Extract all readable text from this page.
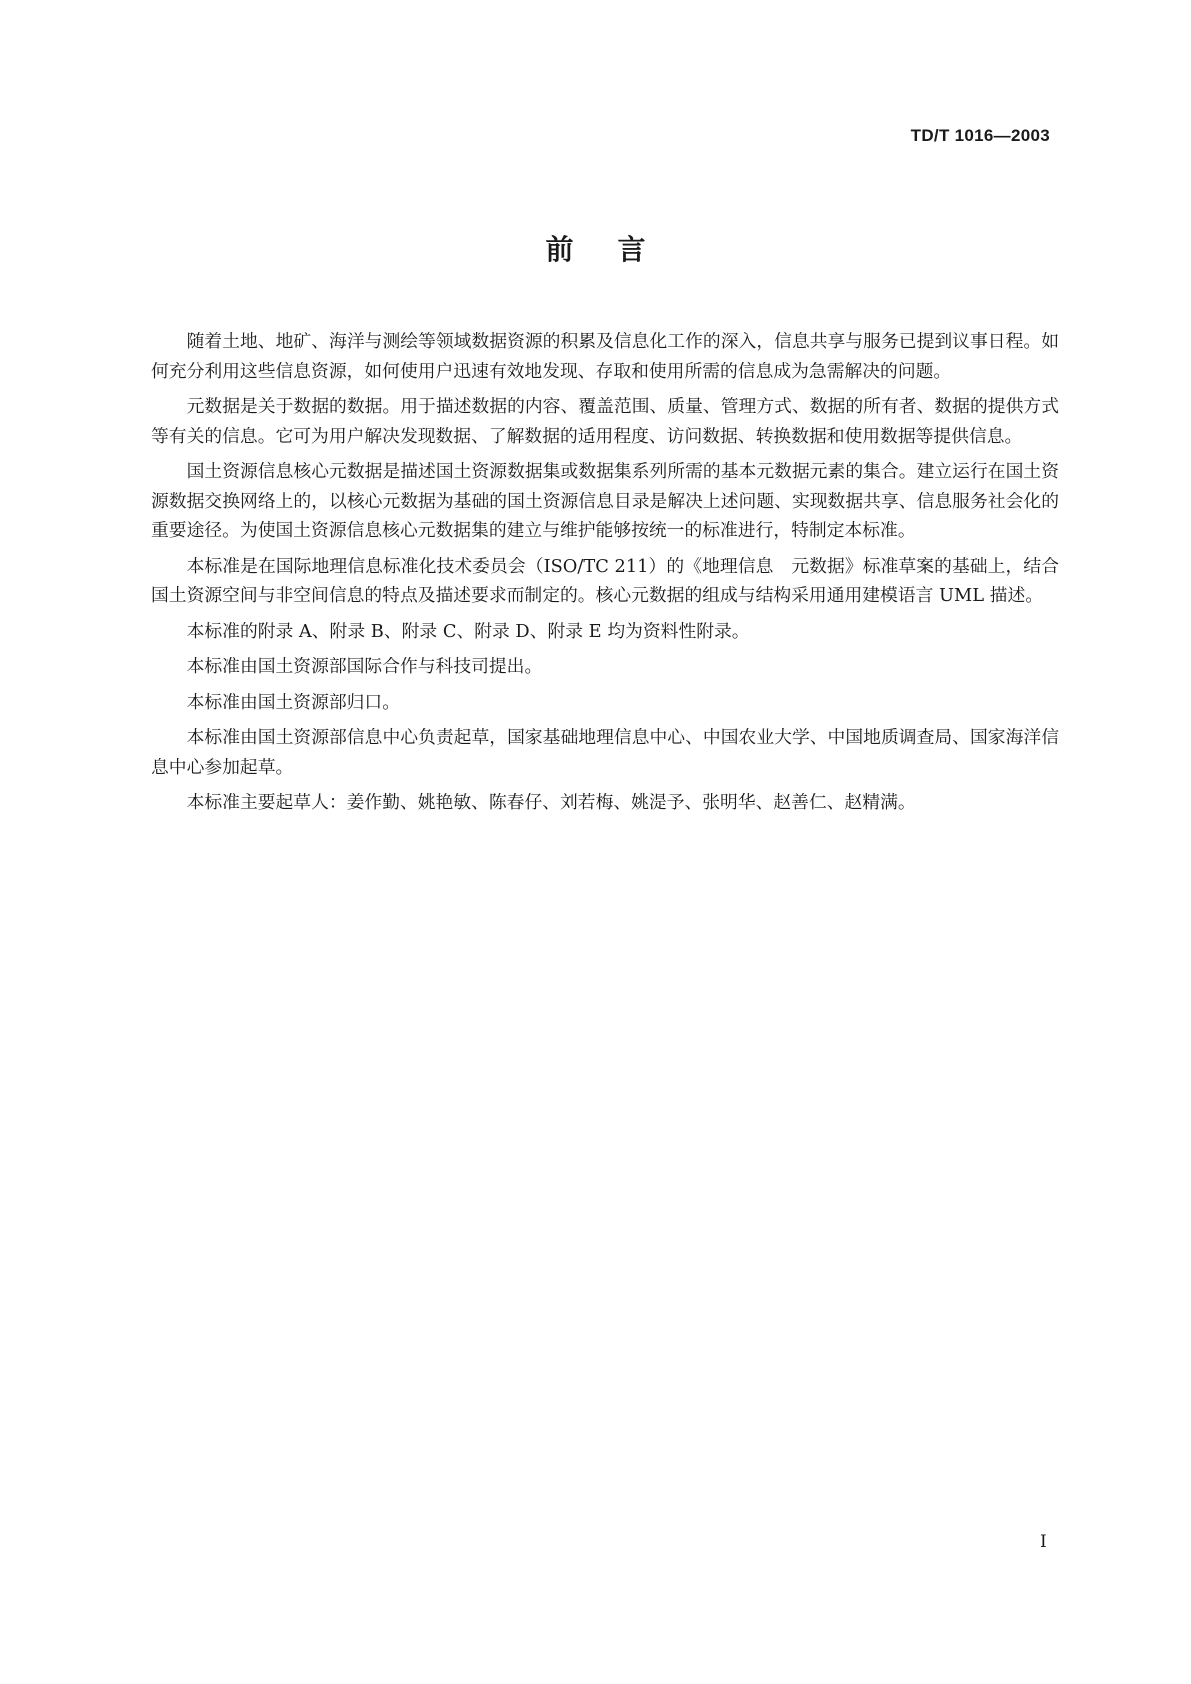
TD/T 1016—2003
前言

随着土地、地矿、海洋与测绘等领域数据资源的积累及信息化工作的深入，信息共享与服务已提到议事日程。如何充分利用这些信息资源，如何使用户迅速有效地发现、存取和使用所需的信息成为急需解决的问题。

元数据是关于数据的数据。用于描述数据的内容、覆盖范围、质量、管理方式、数据的所有者、数据的提供方式等有关的信息。它可为用户解决发现数据、了解数据的适用程度、访问数据、转换数据和使用数据等提供信息。

国土资源信息核心元数据是描述国土资源数据集或数据集系列所需的基本元数据元素的集合。建立运行在国土资源数据交换网络上的，以核心元数据为基础的国土资源信息目录是解决上述问题、实现数据共享、信息服务社会化的重要途径。为使国土资源信息核心元数据集的建立与维护能够按统一的标准进行，特制定本标准。

本标准是在国际地理信息标准化技术委员会（ISO/TC 211）的《地理信息　元数据》标准草案的基础上，结合国土资源空间与非空间信息的特点及描述要求而制定的。核心元数据的组成与结构采用通用建模语言 UML 描述。

本标准的附录 A、附录 B、附录 C、附录 D、附录 E 均为资料性附录。

本标准由国土资源部国际合作与科技司提出。

本标准由国土资源部归口。

本标准由国土资源部信息中心负责起草，国家基础地理信息中心、中国农业大学、中国地质调查局、国家海洋信息中心参加起草。

本标准主要起草人：姜作勤、姚艳敏、陈春仔、刘若梅、姚湜予、张明华、赵善仁、赵精满。

I
